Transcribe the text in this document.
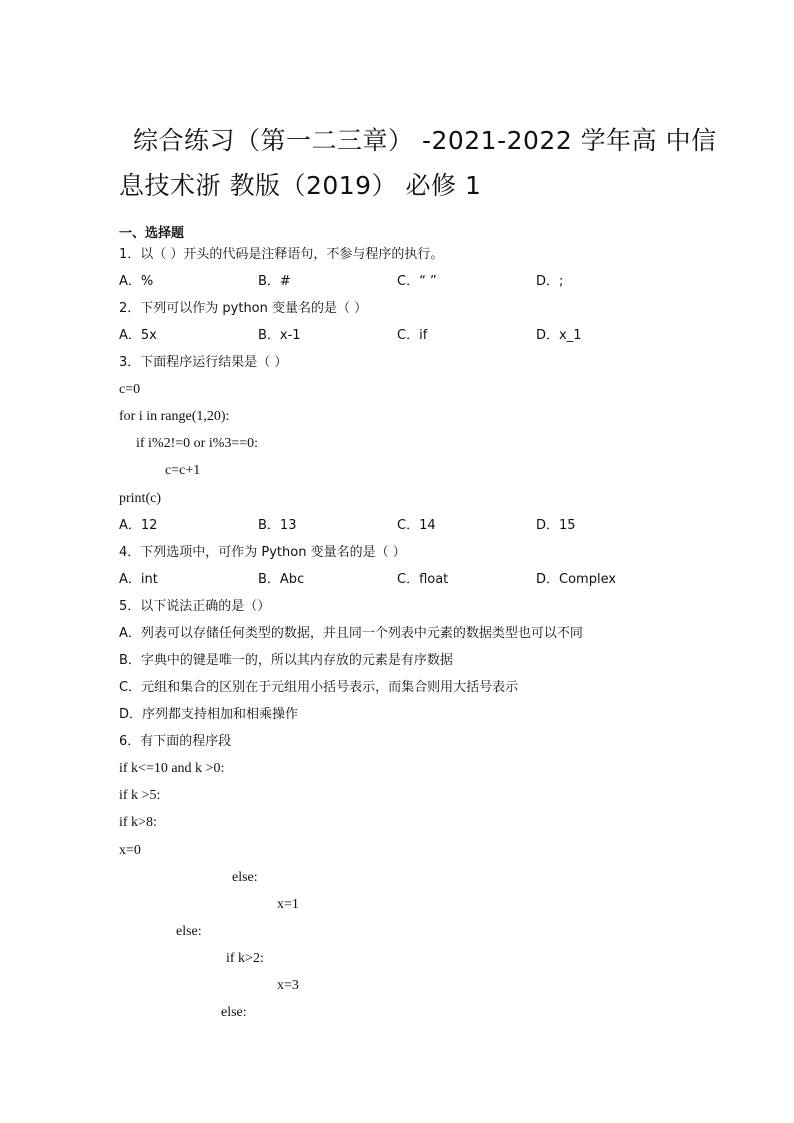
综合练习（第一二三章） -2021-2022 学年高 中信
息技术浙 教版（2019） 必修 1
一、选择题
1．以（ ）开头的代码是注释语句，不参与程序的执行。
A．%	B．#	C．“ ”	D．;
2．下列可以作为 python 变量名的是（ ）
A．5x	B．x-1	C．if	D．x_1
3．下面程序运行结果是（ ）
c=0
for i in range(1,20):
if i%2!=0 or i%3==0:
c=c+1
print(c)
A．12	B．13	C．14	D．15
4．下列选项中，可作为 Python 变量名的是（ ）
A．int	B．Abc	C．float	D．Complex
5．以下说法正确的是（）
A．列表可以存储任何类型的数据，并且同一个列表中元素的数据类型也可以不同
B．字典中的键是唯一的，所以其内存放的元素是有序数据
C．元组和集合的区别在于元组用小括号表示，而集合则用大括号表示
D．序列都支持相加和相乘操作
6．有下面的程序段
if k<=10 and k >0:
if k >5:
if k>8:
x=0
else:
x=1
else:
if k>2:
x=3
else:
